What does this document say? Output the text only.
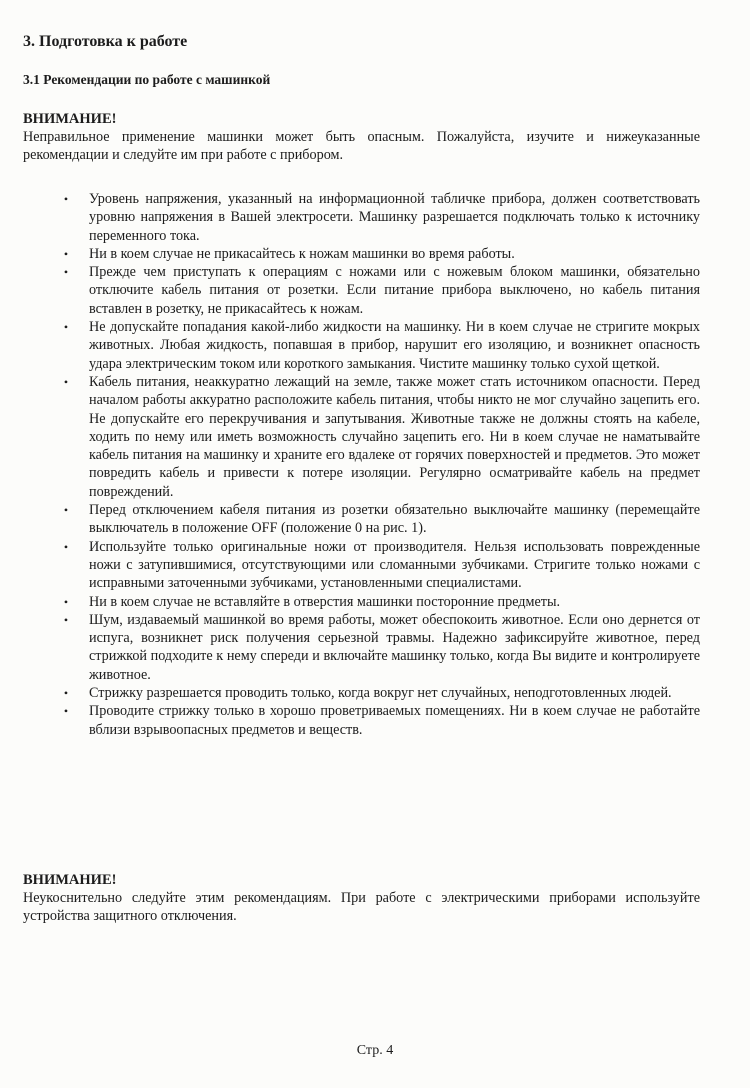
3. Подготовка к работе
3.1 Рекомендации по работе с машинкой
ВНИМАНИЕ!
Неправильное применение машинки может быть опасным. Пожалуйста, изучите и нижеуказанные рекомендации и следуйте им при работе с прибором.
• Уровень напряжения, указанный на информационной табличке прибора, должен соответствовать уровню напряжения в Вашей электросети. Машинку разрешается подключать только к источнику переменного тока.
• Ни в коем случае не прикасайтесь к ножам машинки во время работы.
• Прежде чем приступать к операциям с ножами или с ножевым блоком машинки, обязательно отключите кабель питания от розетки. Если питание прибора выключено, но кабель питания вставлен в розетку, не прикасайтесь к ножам.
• Не допускайте попадания какой-либо жидкости на машинку. Ни в коем случае не стригите мокрых животных. Любая жидкость, попавшая в прибор, нарушит его изоляцию, и возникнет опасность удара электрическим током или короткого замыкания. Чистите машинку только сухой щеткой.
• Кабель питания, неаккуратно лежащий на земле, также может стать источником опасности. Перед началом работы аккуратно расположите кабель питания, чтобы никто не мог случайно зацепить его. Не допускайте его перекручивания и запутывания. Животные также не должны стоять на кабеле, ходить по нему или иметь возможность случайно зацепить его. Ни в коем случае не наматывайте кабель питания на машинку и храните его вдалеке от горячих поверхностей и предметов. Это может повредить кабель и привести к потере изоляции. Регулярно осматривайте кабель на предмет повреждений.
• Перед отключением кабеля питания из розетки обязательно выключайте машинку (перемещайте выключатель в положение OFF (положение 0 на рис. 1).
• Используйте только оригинальные ножи от производителя. Нельзя использовать поврежденные ножи с затупившимися, отсутствующими или сломанными зубчиками. Стригите только ножами с исправными заточенными зубчиками, установленными специалистами.
• Ни в коем случае не вставляйте в отверстия машинки посторонние предметы.
• Шум, издаваемый машинкой во время работы, может обеспокоить животное. Если оно дернется от испуга, возникнет риск получения серьезной травмы. Надежно зафиксируйте животное, перед стрижкой подходите к нему спереди и включайте машинку только, когда Вы видите и контролируете животное.
• Стрижку разрешается проводить только, когда вокруг нет случайных, неподготовленных людей.
• Проводите стрижку только в хорошо проветриваемых помещениях. Ни в коем случае не работайте вблизи взрывоопасных предметов и веществ.
ВНИМАНИЕ!
Неукоснительно следуйте этим рекомендациям. При работе с электрическими приборами используйте устройства защитного отключения.
Стр. 4
